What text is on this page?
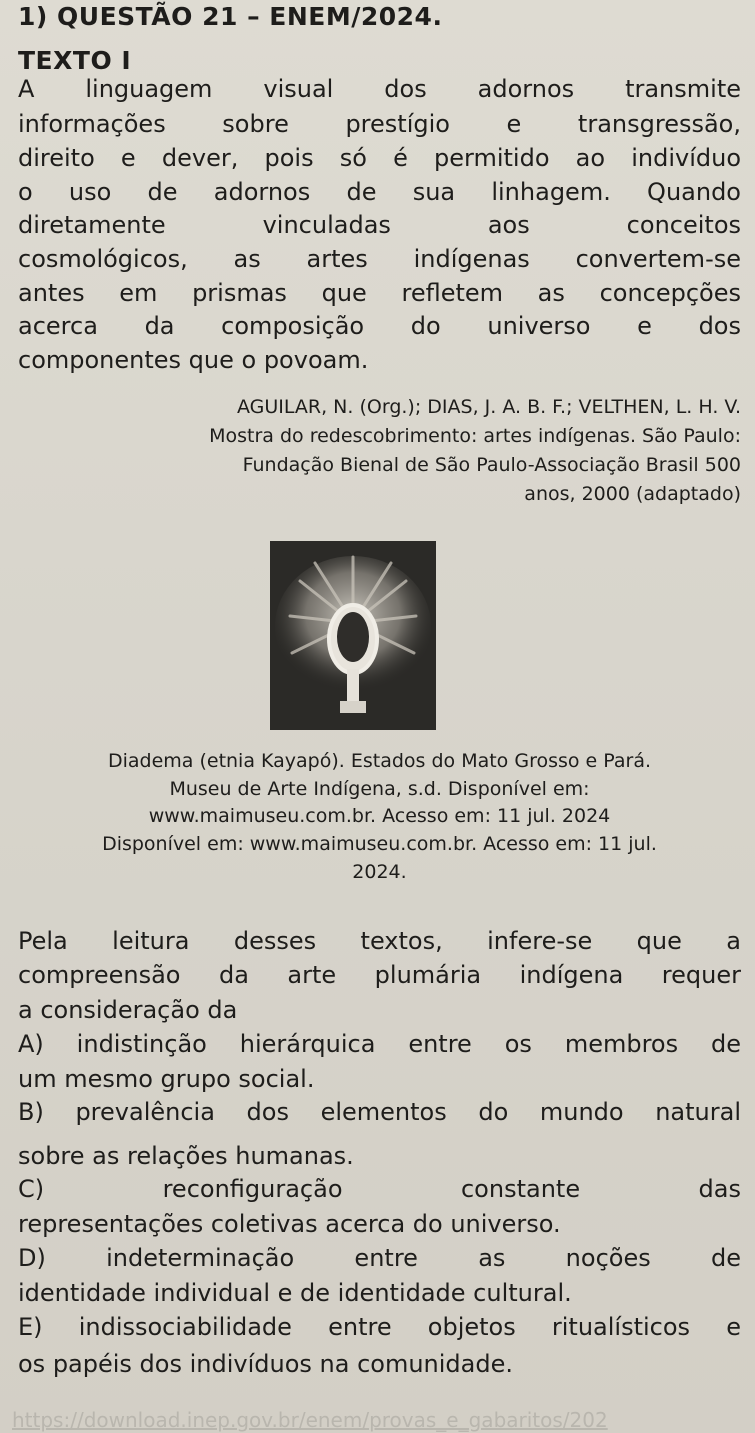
1) QUESTÃO 21 – ENEM/2024.
TEXTO I
A linguagem visual dos adornos transmite
informações sobre prestígio e transgressão,
direito e dever, pois só é permitido ao indivíduo
o uso de adornos de sua linhagem. Quando
diretamente vinculadas aos conceitos
cosmológicos, as artes indígenas convertem-se
antes em prismas que refletem as concepções
acerca da composição do universo e dos
componentes que o povoam.
AGUILAR, N. (Org.); DIAS, J. A. B. F.; VELTHEN, L. H. V.
Mostra do redescobrimento: artes indígenas. São Paulo:
Fundação Bienal de São Paulo-Associação Brasil 500
anos, 2000 (adaptado)
Diadema (etnia Kayapó). Estados do Mato Grosso e Pará.
Museu de Arte Indígena, s.d. Disponível em:
www.maimuseu.com.br. Acesso em: 11 jul. 2024
Disponível em: www.maimuseu.com.br. Acesso em: 11 jul.
2024.
Pela leitura desses textos, infere-se que a
compreensão da arte plumária indígena requer
a consideração da
A) indistinção hierárquica entre os membros de
um mesmo grupo social.
B) prevalência dos elementos do mundo natural
sobre as relações humanas.
C) reconfiguração constante das
representações coletivas acerca do universo.
D) indeterminação entre as noções de
identidade individual e de identidade cultural.
E) indissociabilidade entre objetos ritualísticos e
os papéis dos indivíduos na comunidade.
https://download.inep.gov.br/enem/provas_e_gabaritos/202
